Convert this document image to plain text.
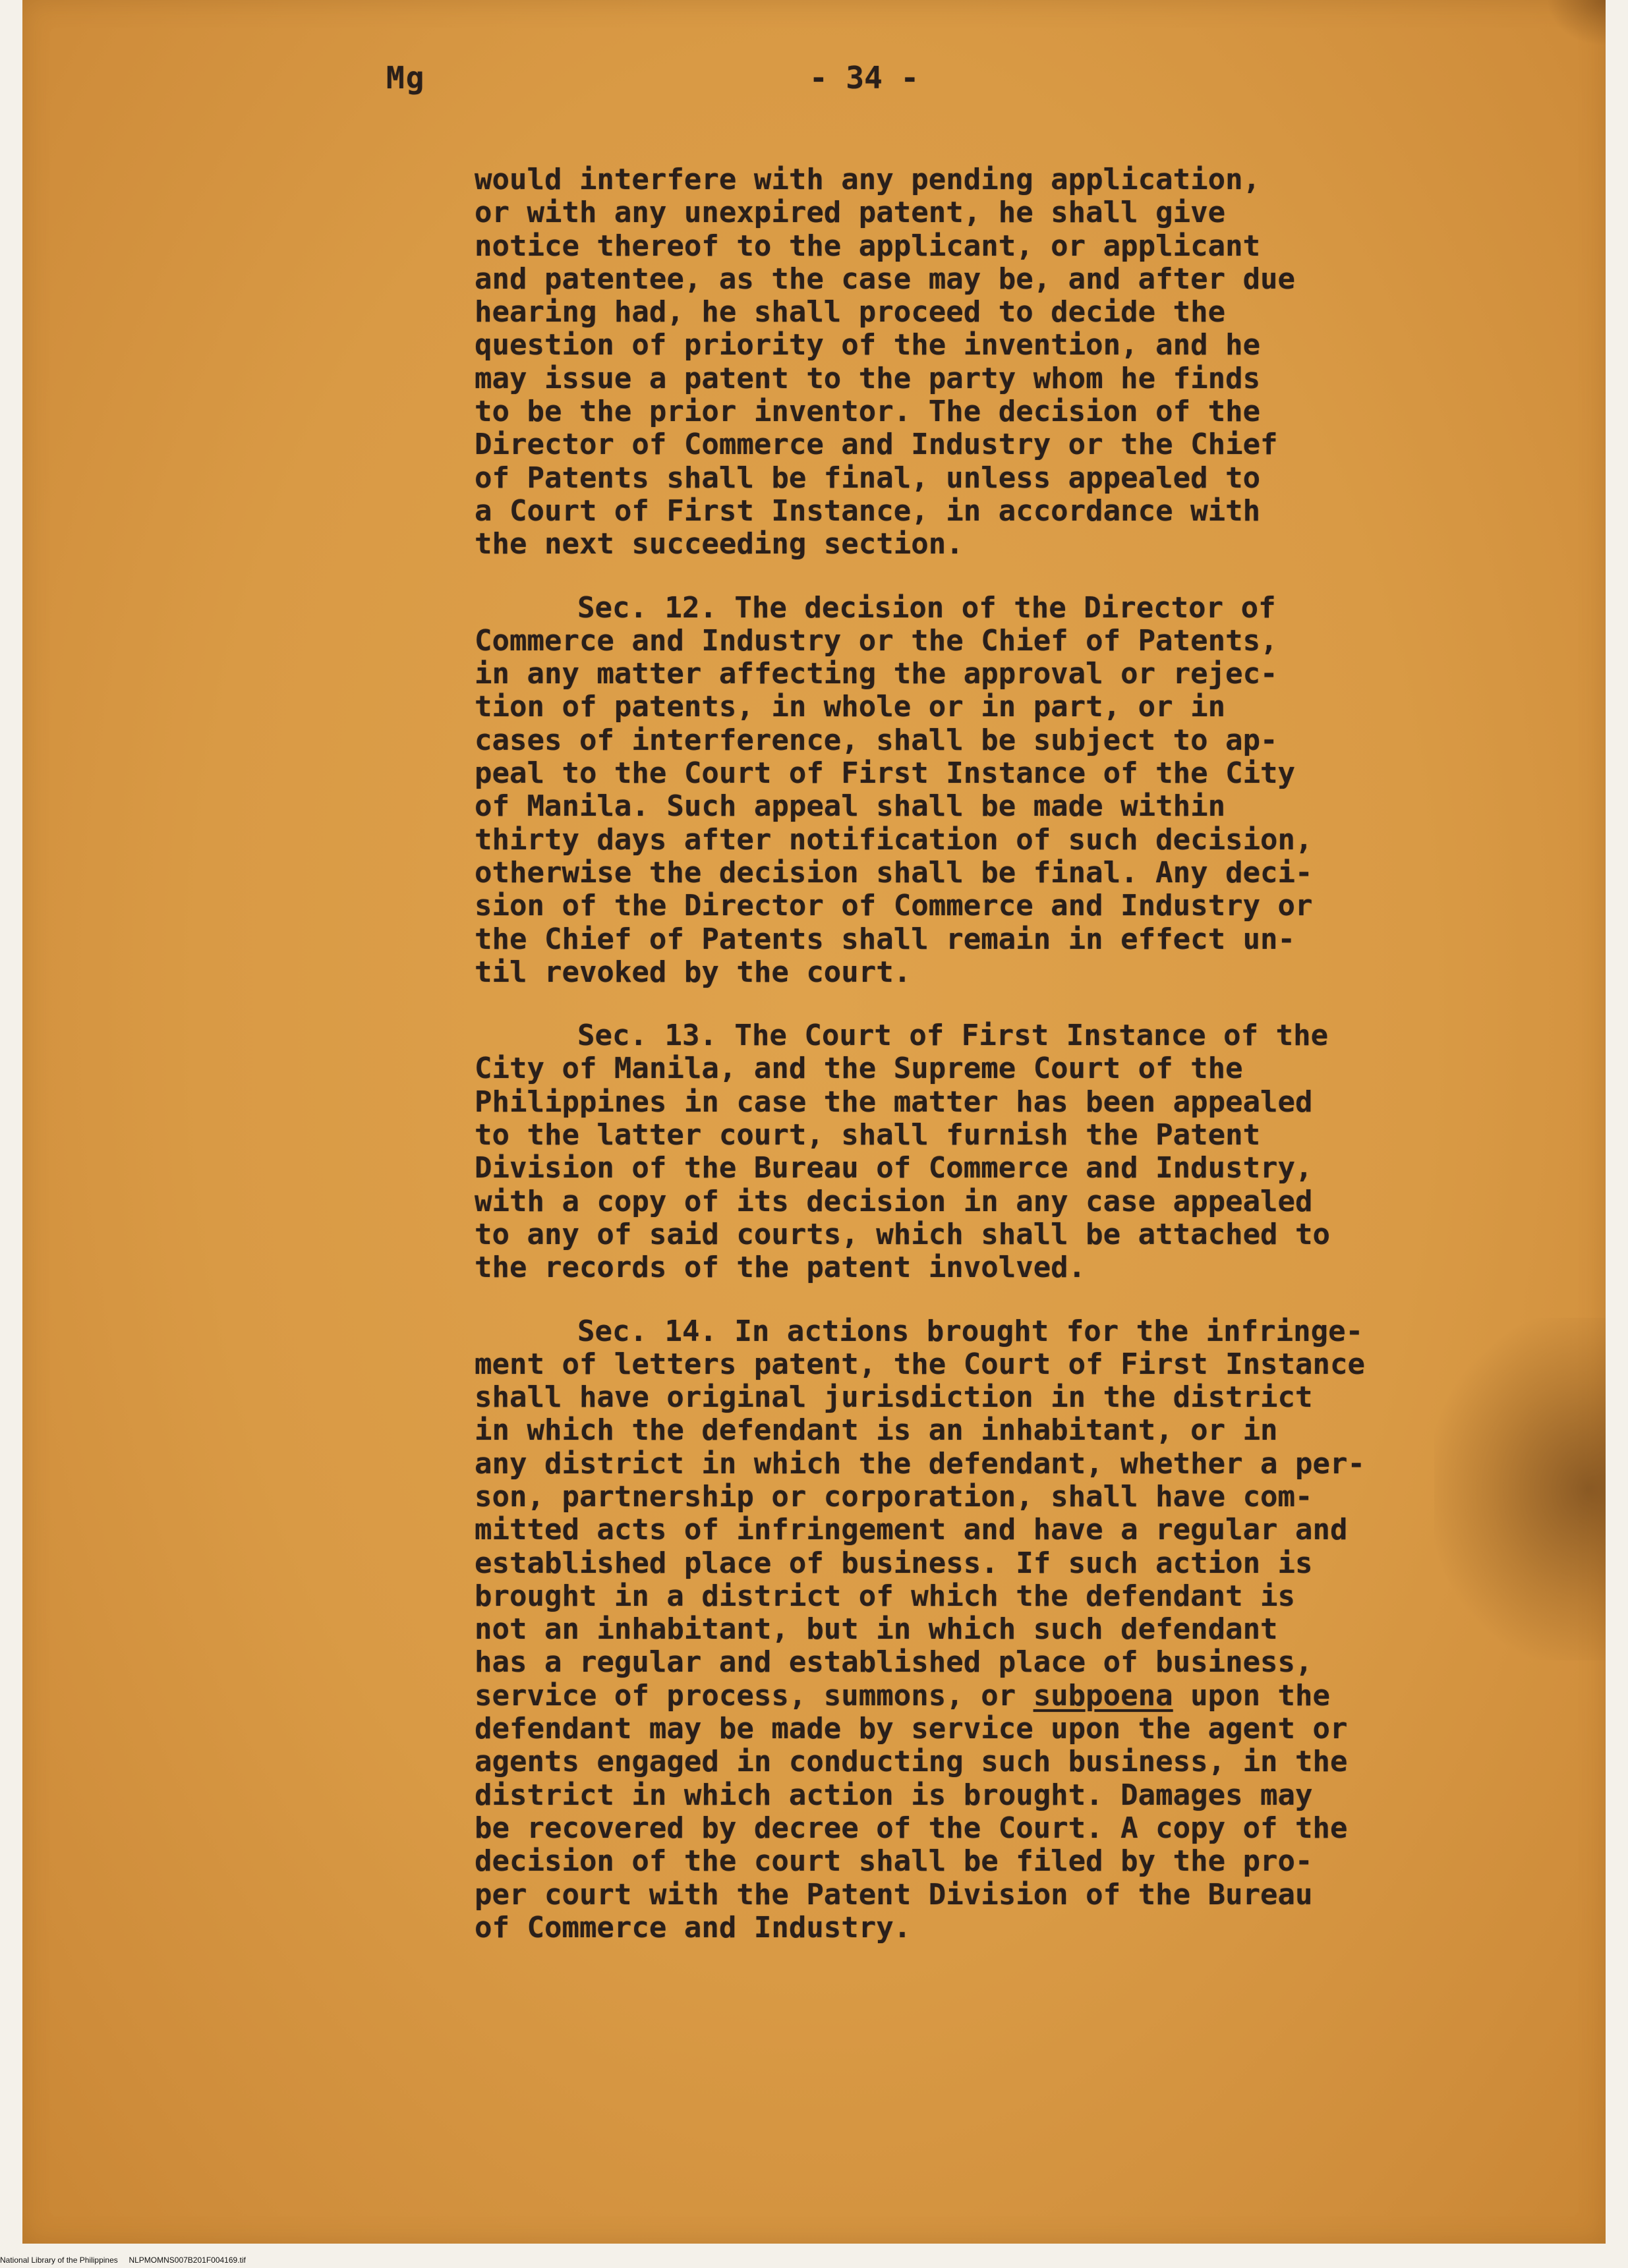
Mg	- 34 -
would interfere with any pending application,
or with any unexpired patent, he shall give
notice thereof to the applicant, or applicant
and patentee, as the case may be, and after due
hearing had, he shall proceed to decide the
question of priority of the invention, and he
may issue a patent to the party whom he finds
to be the prior inventor. The decision of the
Director of Commerce and Industry or the Chief
of Patents shall be final, unless appealed to
a Court of First Instance, in accordance with
the next succeeding section.
Sec. 12. The decision of the Director of
Commerce and Industry or the Chief of Patents,
in any matter affecting the approval or rejec-
tion of patents, in whole or in part, or in
cases of interference, shall be subject to ap-
peal to the Court of First Instance of the City
of Manila. Such appeal shall be made within
thirty days after notification of such decision,
otherwise the decision shall be final. Any deci-
sion of the Director of Commerce and Industry or
the Chief of Patents shall remain in effect un-
til revoked by the court.
Sec. 13. The Court of First Instance of the
City of Manila, and the Supreme Court of the
Philippines in case the matter has been appealed
to the latter court, shall furnish the Patent
Division of the Bureau of Commerce and Industry,
with a copy of its decision in any case appealed
to any of said courts, which shall be attached to
the records of the patent involved.
Sec. 14. In actions brought for the infringe-
ment of letters patent, the Court of First Instance
shall have original jurisdiction in the district
in which the defendant is an inhabitant, or in
any district in which the defendant, whether a per-
son, partnership or corporation, shall have com-
mitted acts of infringement and have a regular and
established place of business. If such action is
brought in a district of which the defendant is
not an inhabitant, but in which such defendant
has a regular and established place of business,
service of process, summons, or subpoena upon the
defendant may be made by service upon the agent or
agents engaged in conducting such business, in the
district in which action is brought. Damages may
be recovered by decree of the Court. A copy of the
decision of the court shall be filed by the pro-
per court with the Patent Division of the Bureau
of Commerce and Industry.
National Library of the Philippines     NLPMOMNS007B201F004169.tif
